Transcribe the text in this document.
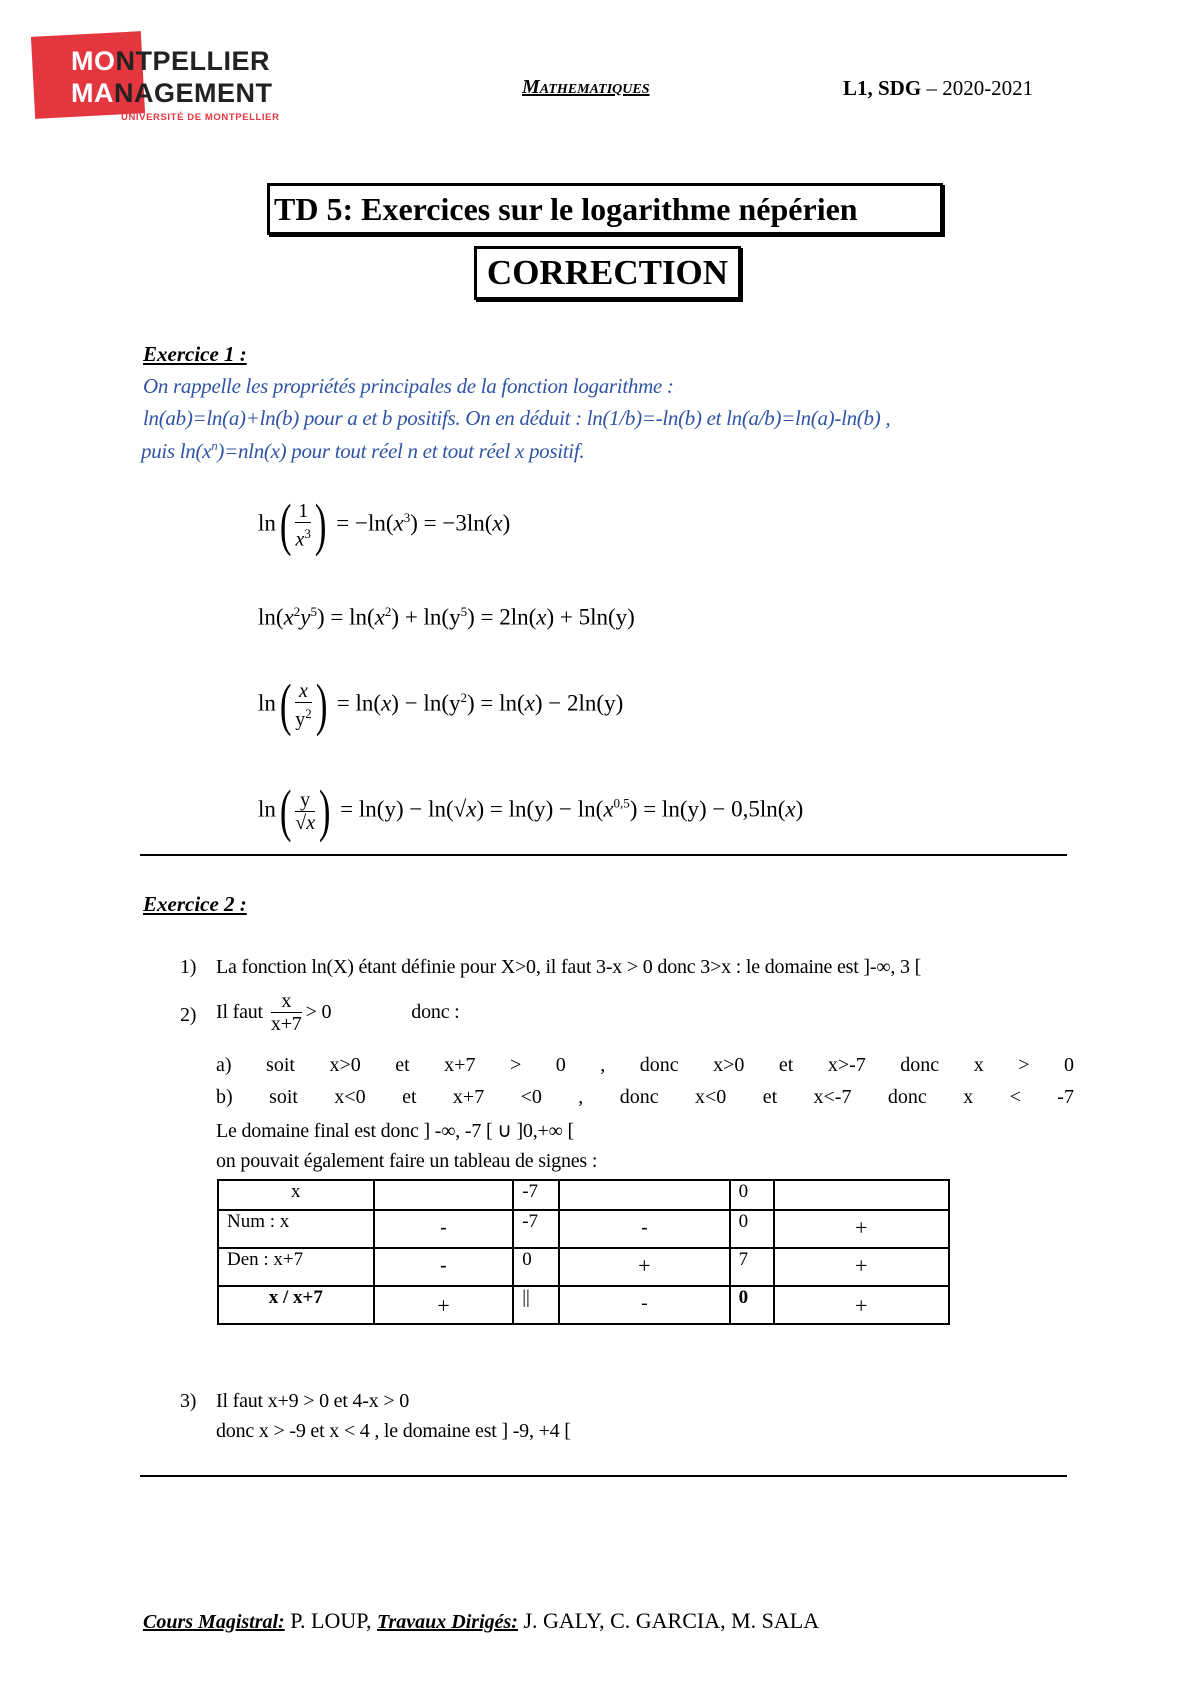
MONTPELLIER
MANAGEMENT
UNIVERSITÉ DE MONTPELLIER
Mathematiques	L1, SDG – 2020-2021
TD 5: Exercices sur le logarithme népérien
CORRECTION
Exercice 1 :
On rappelle les propriétés principales de la fonction logarithme :
ln(ab)=ln(a)+ln(b) pour a et b positifs. On en déduit : ln(1/b)=-ln(b) et ln(a/b)=ln(a)-ln(b) ,
puis $\ln(x^n)=nln(x)$ pour tout réel n et tout réel x positif.
$\ln( \frac{1}{x^3}$ ) = $-\ln(x^3) = -3\ln(x)$
$\ln(x^2y^5) = \ln(x^2) + \ln(y^5) = 2\ln(x) + 5\ln(y)$
$\ln( \frac{x}{y^2}$ ) = $\ln(x) - \ln(y^2) = \ln(x) - 2\ln(y)$
$\ln( \frac{y}{√x}$ ) = $\ln(y) - \ln(√x) = \ln(y) - \ln(x^{0,5}) = \ln(y) - 0,5\ln(x)$
Exercice 2 :
1) La fonction ln(X) étant définie pour X>0, il faut 3-x > 0 donc 3>x : le domaine est ]-∞, 3 [
2) Il faut $\frac{x}{x+7} > 0$	donc :
a) soit x>0 et x+7 > 0 , donc x>0 et x>-7 donc x > 0
b) soit x<0 et x+7 <0 , donc x<0 et x<-7 donc x < -7
Le domaine final est donc ] -∞, -7 [ ∪ ]0,+∞ [
on pouvait également faire un tableau de signes :
x		-7		0	
Num : x	-	-7	-	0	+
Den : x+7	-	0	+	7	+
x / x+7	+	||	-	0	+
3) Il faut x+9 > 0 et 4-x > 0
donc x > -9 et x < 4 , le domaine est ] -9, +4 [
Cours Magistral: P. LOUP, Travaux Dirigés: J. GALY, C. GARCIA, M. SALA
